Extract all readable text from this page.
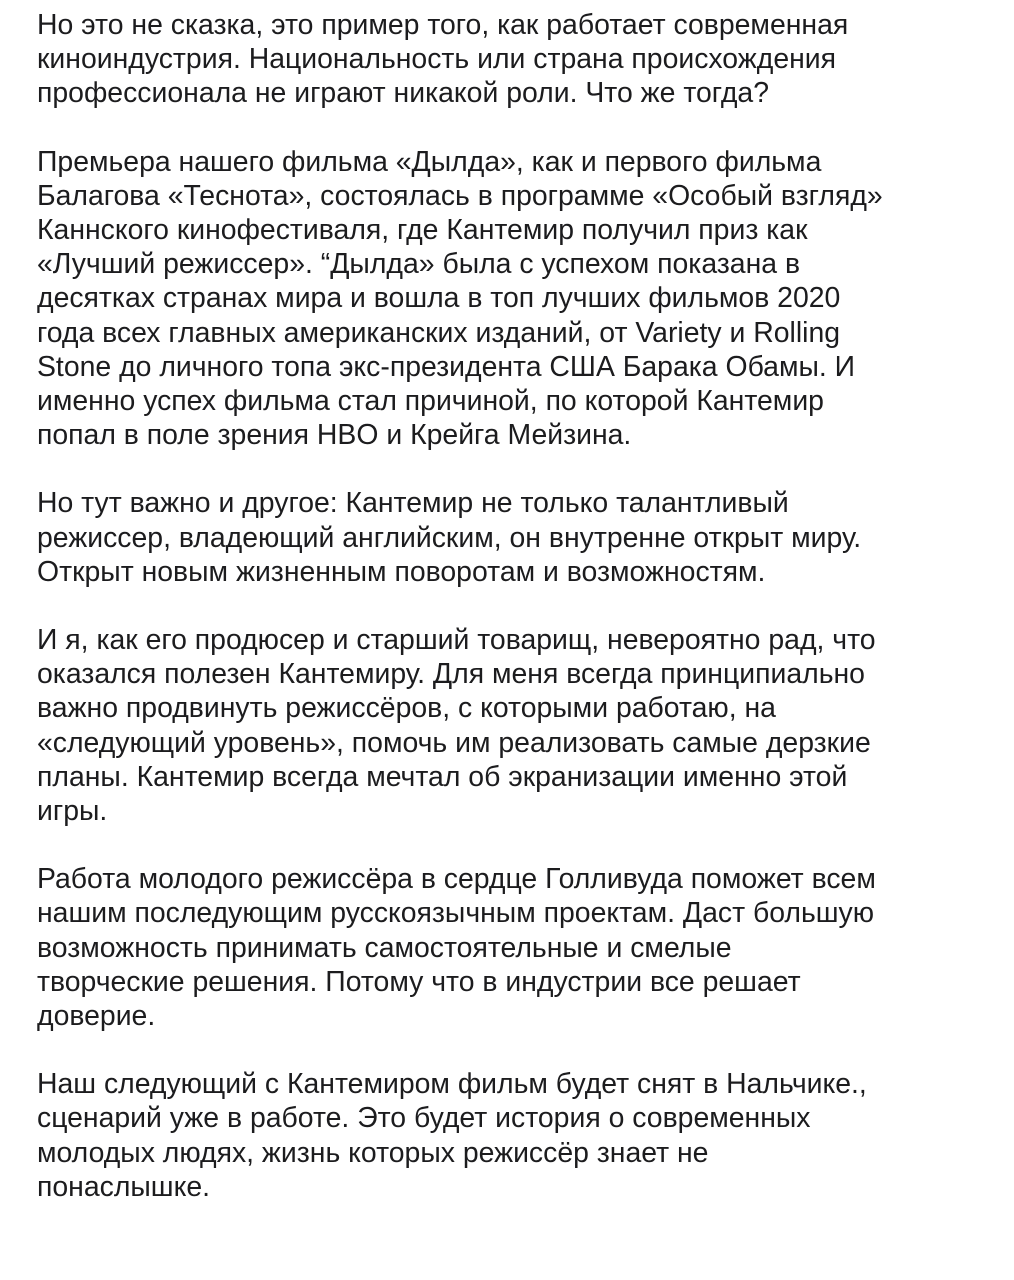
Но это не сказка, это пример того, как работает современная
киноиндустрия. Национальность или страна происхождения
профессионала не играют никакой роли. Что же тогда?

Премьера нашего фильма «Дылда», как и первого фильма
Балагова «Теснота», состоялась в программе «Особый взгляд»
Каннского кинофестиваля, где Кантемир получил приз как
«Лучший режиссер». “Дылда» была с успехом показана в
десятках странах мира и вошла в топ лучших фильмов 2020
года всех главных американских изданий, от Variety и Rolling
Stone до личного топа экс-президента США Барака Обамы. И
именно успех фильма стал причиной, по которой Кантемир
попал в поле зрения HBO и Крейга Мейзина.

Но тут важно и другое: Кантемир не только талантливый
режиссер, владеющий английским, он внутренне открыт миру.
Открыт новым жизненным поворотам и возможностям.

И я, как его продюсер и старший товарищ, невероятно рад, что
оказался полезен Кантемиру. Для меня всегда принципиально
важно продвинуть режиссёров, с которыми работаю, на
«следующий уровень», помочь им реализовать самые дерзкие
планы. Кантемир всегда мечтал об экранизации именно этой
игры.

Работа молодого режиссёра в сердце Голливуда поможет всем
нашим последующим русскоязычным проектам. Даст большую
возможность принимать самостоятельные и смелые
творческие решения. Потому что в индустрии все решает
доверие.

Наш следующий с Кантемиром фильм будет снят в Нальчике.,
сценарий уже в работе. Это будет история о современных
молодых людях, жизнь которых режиссёр знает не
понаслышке.
